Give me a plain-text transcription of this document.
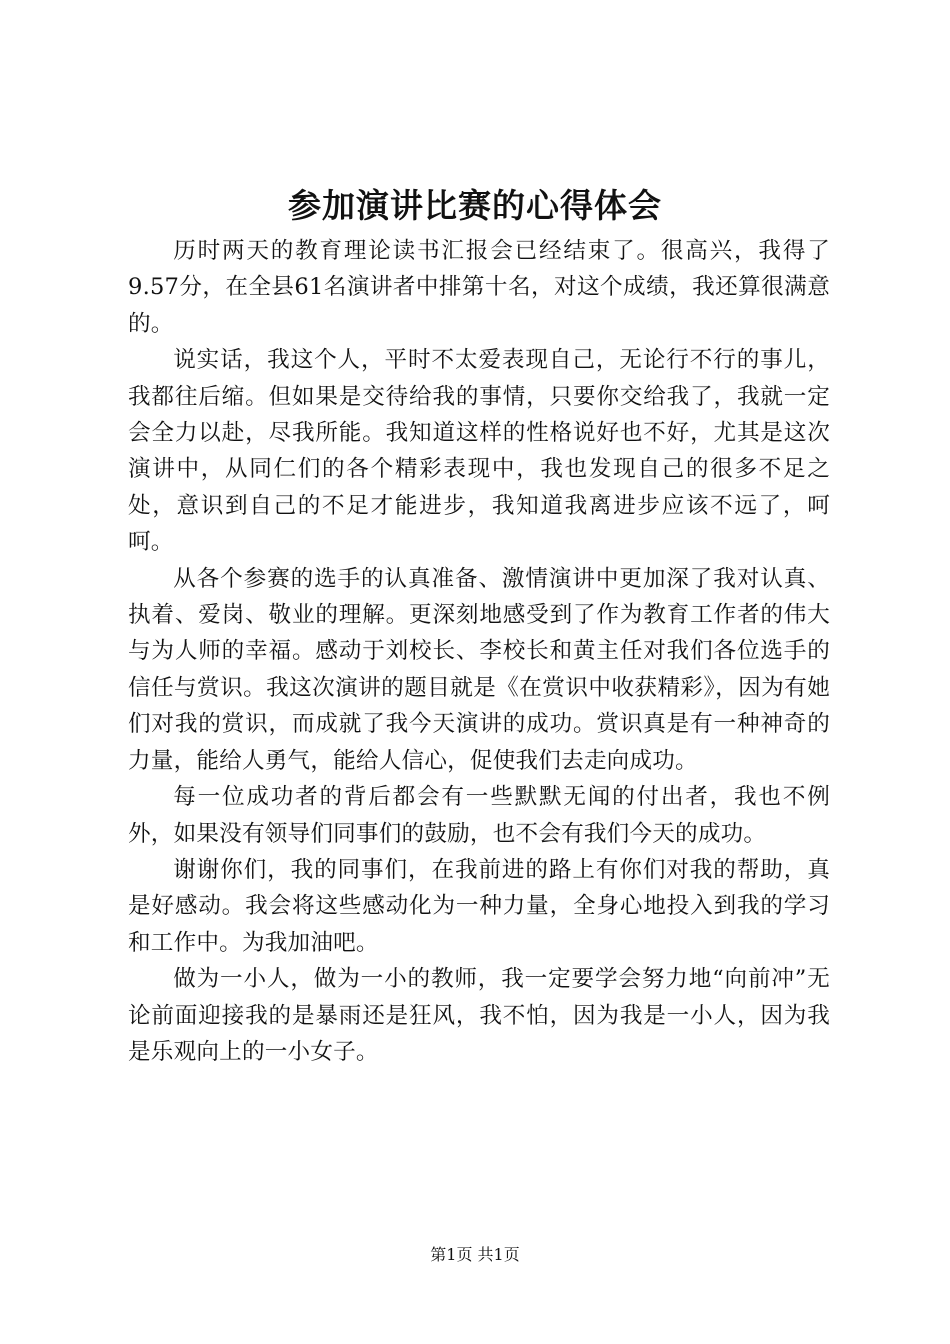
参加演讲比赛的心得体会

历时两天的教育理论读书汇报会已经结束了。很高兴，我得了9.57分，在全县61名演讲者中排第十名，对这个成绩，我还算很满意的。

说实话，我这个人，平时不太爱表现自己，无论行不行的事儿，我都往后缩。但如果是交待给我的事情，只要你交给我了，我就一定会全力以赴，尽我所能。我知道这样的性格说好也不好，尤其是这次演讲中，从同仁们的各个精彩表现中，我也发现自己的很多不足之处，意识到自己的不足才能进步，我知道我离进步应该不远了，呵呵。

从各个参赛的选手的认真准备、激情演讲中更加深了我对认真、执着、爱岗、敬业的理解。更深刻地感受到了作为教育工作者的伟大与为人师的幸福。感动于刘校长、李校长和黄主任对我们各位选手的信任与赏识。我这次演讲的题目就是《在赏识中收获精彩》，因为有她们对我的赏识，而成就了我今天演讲的成功。赏识真是有一种神奇的力量，能给人勇气，能给人信心，促使我们去走向成功。

每一位成功者的背后都会有一些默默无闻的付出者，我也不例外，如果没有领导们同事们的鼓励，也不会有我们今天的成功。

谢谢你们，我的同事们，在我前进的路上有你们对我的帮助，真是好感动。我会将这些感动化为一种力量，全身心地投入到我的学习和工作中。为我加油吧。

做为一小人，做为一小的教师，我一定要学会努力地“向前冲”无论前面迎接我的是暴雨还是狂风，我不怕，因为我是一小人，因为我是乐观向上的一小女子。

第1页 共1页
